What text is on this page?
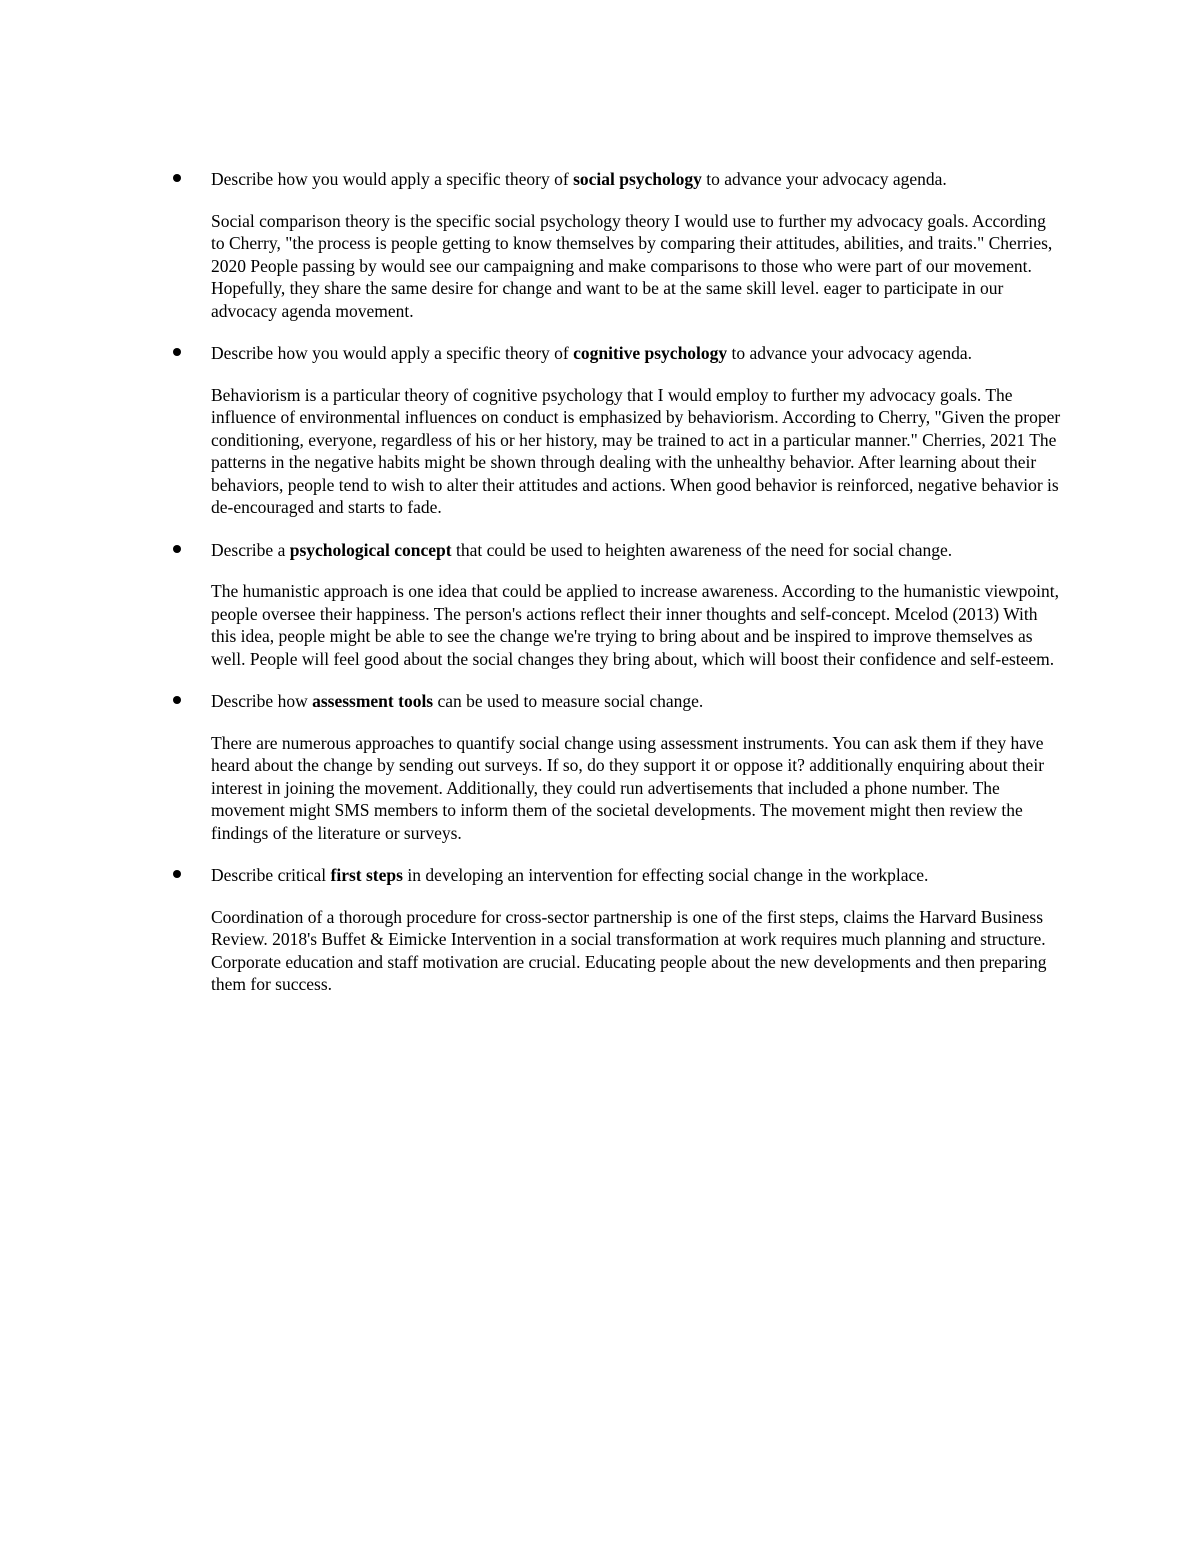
Describe how you would apply a specific theory of social psychology to advance your advocacy agenda.

Social comparison theory is the specific social psychology theory I would use to further my advocacy goals. According to Cherry, "the process is people getting to know themselves by comparing their attitudes, abilities, and traits." Cherries, 2020 People passing by would see our campaigning and make comparisons to those who were part of our movement. Hopefully, they share the same desire for change and want to be at the same skill level. eager to participate in our advocacy agenda movement.

Describe how you would apply a specific theory of cognitive psychology to advance your advocacy agenda.

Behaviorism is a particular theory of cognitive psychology that I would employ to further my advocacy goals. The influence of environmental influences on conduct is emphasized by behaviorism. According to Cherry, "Given the proper conditioning, everyone, regardless of his or her history, may be trained to act in a particular manner." Cherries, 2021 The patterns in the negative habits might be shown through dealing with the unhealthy behavior. After learning about their behaviors, people tend to wish to alter their attitudes and actions. When good behavior is reinforced, negative behavior is de-encouraged and starts to fade.

Describe a psychological concept that could be used to heighten awareness of the need for social change.

The humanistic approach is one idea that could be applied to increase awareness. According to the humanistic viewpoint, people oversee their happiness. The person's actions reflect their inner thoughts and self-concept. Mcelod (2013) With this idea, people might be able to see the change we're trying to bring about and be inspired to improve themselves as well. People will feel good about the social changes they bring about, which will boost their confidence and self-esteem.

Describe how assessment tools can be used to measure social change.

There are numerous approaches to quantify social change using assessment instruments. You can ask them if they have heard about the change by sending out surveys. If so, do they support it or oppose it? additionally enquiring about their interest in joining the movement. Additionally, they could run advertisements that included a phone number. The movement might SMS members to inform them of the societal developments. The movement might then review the findings of the literature or surveys.

Describe critical first steps in developing an intervention for effecting social change in the workplace.

Coordination of a thorough procedure for cross-sector partnership is one of the first steps, claims the Harvard Business Review. 2018's Buffet & Eimicke Intervention in a social transformation at work requires much planning and structure. Corporate education and staff motivation are crucial. Educating people about the new developments and then preparing them for success.
